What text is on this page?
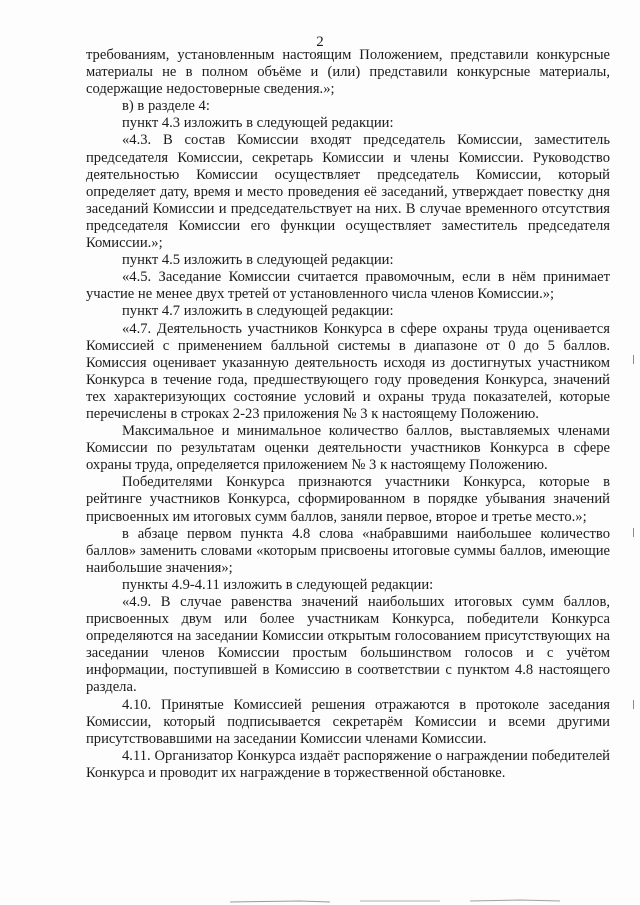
2

требованиям, установленным настоящим Положением, представили конкурсные материалы не в полном объёме и (или) представили конкурсные материалы, содержащие недостоверные сведения.»;

в) в разделе 4:

пункт 4.3 изложить в следующей редакции:

«4.3. В состав Комиссии входят председатель Комиссии, заместитель председателя Комиссии, секретарь Комиссии и члены Комиссии. Руководство деятельностью Комиссии осуществляет председатель Комиссии, который определяет дату, время и место проведения её заседаний, утверждает повестку дня заседаний Комиссии и председательствует на них. В случае временного отсутствия председателя Комиссии его функции осуществляет заместитель председателя Комиссии.»;

пункт 4.5 изложить в следующей редакции:

«4.5. Заседание Комиссии считается правомочным, если в нём принимает участие не менее двух третей от установленного числа членов Комиссии.»;

пункт 4.7 изложить в следующей редакции:

«4.7. Деятельность участников Конкурса в сфере охраны труда оценивается Комиссией с применением балльной системы в диапазоне от 0 до 5 баллов. Комиссия оценивает указанную деятельность исходя из достигнутых участником Конкурса в течение года, предшествующего году проведения Конкурса, значений тех характеризующих состояние условий и охраны труда показателей, которые перечислены в строках 2-23 приложения № 3 к настоящему Положению.

Максимальное и минимальное количество баллов, выставляемых членами Комиссии по результатам оценки деятельности участников Конкурса в сфере охраны труда, определяется приложением № 3 к настоящему Положению.

Победителями Конкурса признаются участники Конкурса, которые в рейтинге участников Конкурса, сформированном в порядке убывания значений присвоенных им итоговых сумм баллов, заняли первое, второе и третье место.»;

в абзаце первом пункта 4.8 слова «набравшими наибольшее количество баллов» заменить словами «которым присвоены итоговые суммы баллов, имеющие наибольшие значения»;

пункты 4.9-4.11 изложить в следующей редакции:

«4.9. В случае равенства значений наибольших итоговых сумм баллов, присвоенных двум или более участникам Конкурса, победители Конкурса определяются на заседании Комиссии открытым голосованием присутствующих на заседании членов Комиссии простым большинством голосов и с учётом информации, поступившей в Комиссию в соответствии с пунктом 4.8 настоящего раздела.

4.10. Принятые Комиссией решения отражаются в протоколе заседания Комиссии, который подписывается секретарём Комиссии и всеми другими присутствовавшими на заседании Комиссии членами Комиссии.

4.11. Организатор Конкурса издаёт распоряжение о награждении победителей Конкурса и проводит их награждение в торжественной обстановке.
